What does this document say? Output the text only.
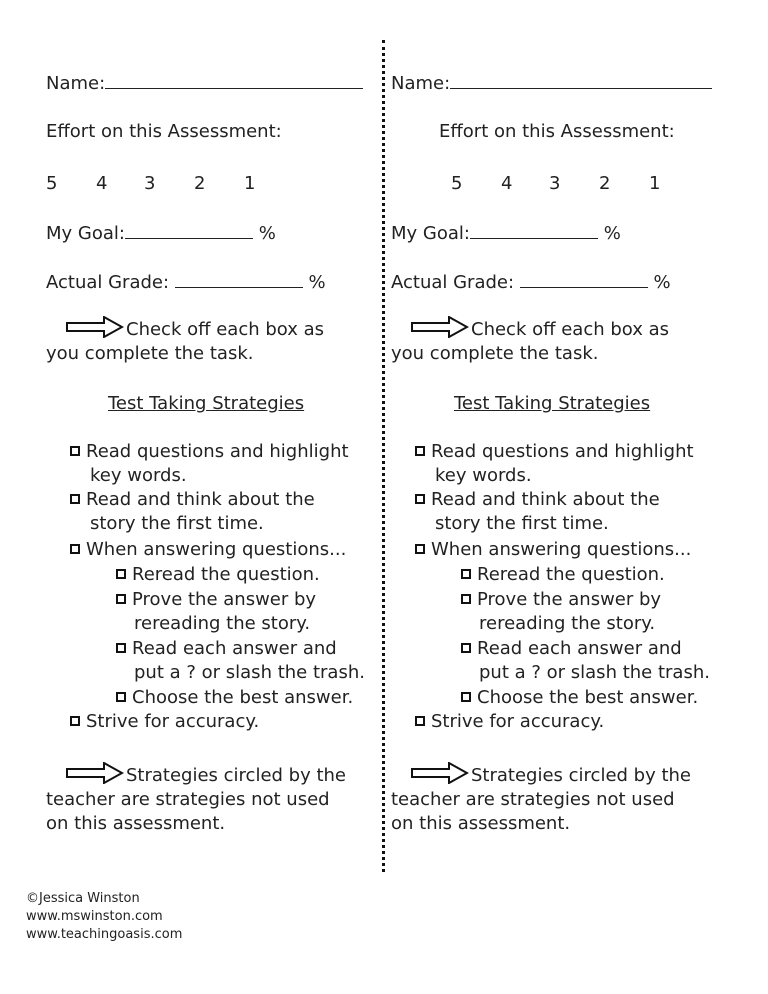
Name:
Effort on this Assessment:
5 4 3 2 1
My Goal:	%
Actual Grade:	%
Check off each box as
you complete the task.
Test Taking Strategies
Read questions and highlight
key words.
Read and think about the
story the first time.
When answering questions...
Reread the question.
Prove the answer by
rereading the story.
Read each answer and
put a ? or slash the trash.
Choose the best answer.
Strive for accuracy.
Strategies circled by the
teacher are strategies not used
on this assessment.
Name:
Effort on this Assessment:
5 4 3 2 1
My Goal:	%
Actual Grade:	%
Check off each box as
you complete the task.
Test Taking Strategies
Read questions and highlight
key words.
Read and think about the
story the first time.
When answering questions...
Reread the question.
Prove the answer by
rereading the story.
Read each answer and
put a ? or slash the trash.
Choose the best answer.
Strive for accuracy.
Strategies circled by the
teacher are strategies not used
on this assessment.
©Jessica Winston
www.mswinston.com
www.teachingoasis.com
